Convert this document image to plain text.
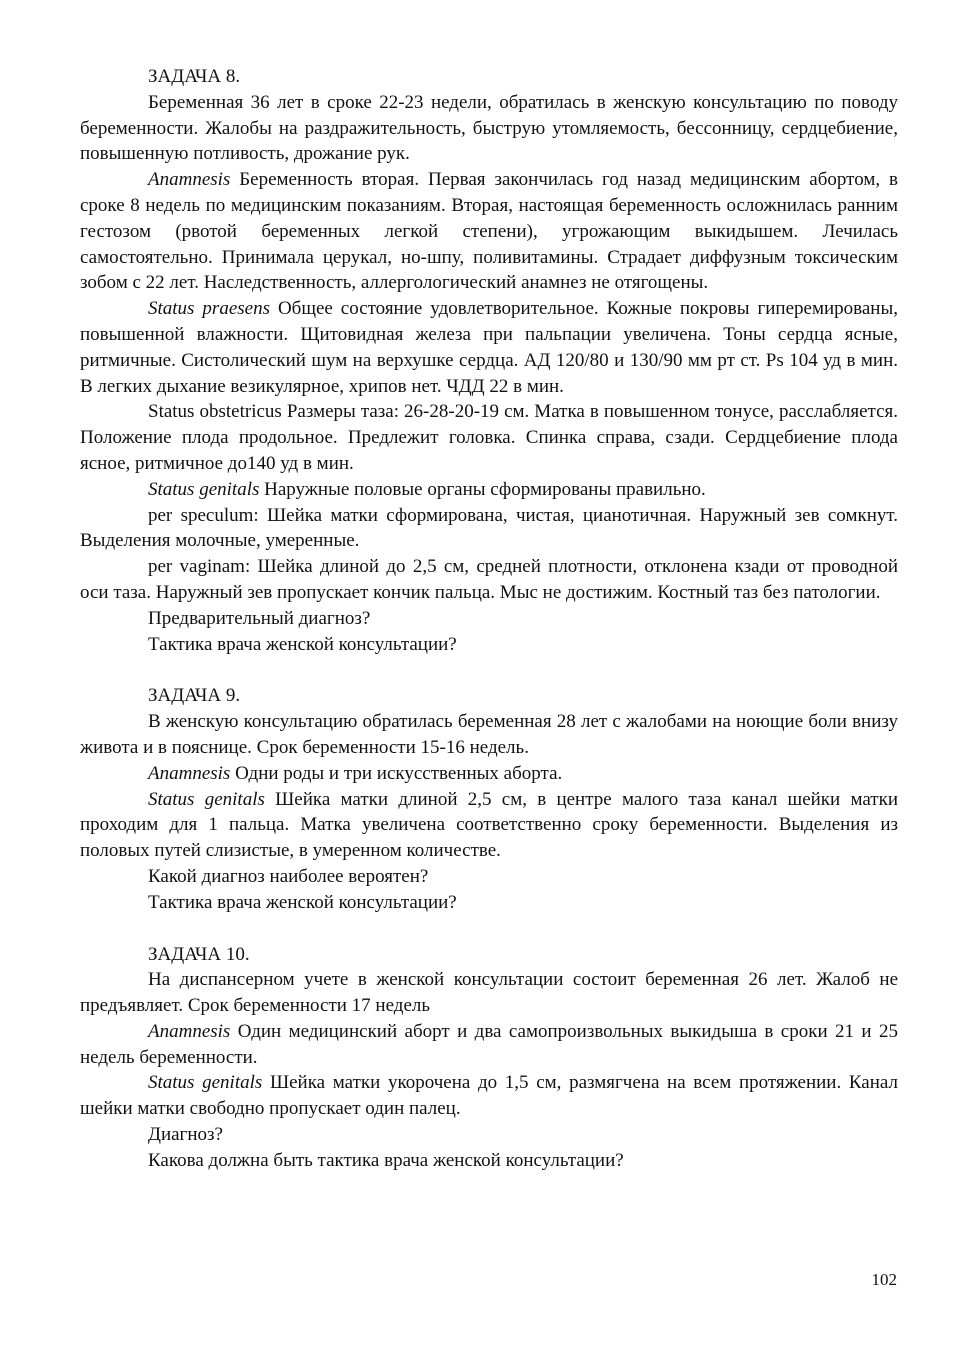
ЗАДАЧА 8.

Беременная 36 лет в сроке 22-23 недели, обратилась в женскую консультацию по поводу беременности. Жалобы на раздражительность, быструю утомляемость, бессонницу, сердцебиение, повышенную потливость, дрожание рук.

Anamnesis Беременность вторая. Первая закончилась год назад медицинским абортом, в сроке 8 недель по медицинским показаниям. Вторая, настоящая беременность осложнилась ранним гестозом (рвотой беременных легкой степени), угрожающим выкидышем. Лечилась самостоятельно. Принимала церукал, но-шпу, поливитамины. Страдает диффузным токсическим зобом с 22 лет. Наследственность, аллергологический анамнез не отягощены.

Status praesens Общее состояние удовлетворительное. Кожные покровы гиперемированы, повышенной влажности. Щитовидная железа при пальпации увеличена. Тоны сердца ясные, ритмичные. Систолический шум на верхушке сердца. АД 120/80 и 130/90 мм рт ст. Ps 104 уд в мин. В легких дыхание везикулярное, хрипов нет. ЧДД 22 в мин.

Status obstetricus Размеры таза: 26-28-20-19 см. Матка в повышенном тонусе, расслабляется. Положение плода продольное. Предлежит головка. Спинка справа, сзади. Сердцебиение плода ясное, ритмичное до140 уд в мин.

Status genitals Наружные половые органы сформированы правильно.

per speculum: Шейка матки сформирована, чистая, цианотичная. Наружный зев сомкнут. Выделения молочные, умеренные.

per vaginam: Шейка длиной до 2,5 см, средней плотности, отклонена кзади от проводной оси таза. Наружный зев пропускает кончик пальца. Мыс не достижим. Костный таз без патологии.

Предварительный диагноз?

Тактика врача женской консультации?

ЗАДАЧА 9.

В женскую консультацию обратилась беременная 28 лет с жалобами на ноющие боли внизу живота и в пояснице. Срок беременности 15-16 недель.

Anamnesis Одни роды и три искусственных аборта.

Status genitals Шейка матки длиной 2,5 см, в центре малого таза канал шейки матки проходим для 1 пальца. Матка увеличена соответственно сроку беременности. Выделения из половых путей слизистые, в умеренном количестве.

Какой диагноз наиболее вероятен?

Тактика врача женской консультации?

ЗАДАЧА 10.

На диспансерном учете в женской консультации состоит беременная 26 лет. Жалоб не предъявляет. Срок беременности 17 недель

Anamnesis Один медицинский аборт и два самопроизвольных выкидыша в сроки 21 и 25 недель беременности.

Status genitals Шейка матки укорочена до 1,5 см, размягчена на всем протяжении. Канал шейки матки свободно пропускает один палец.

Диагноз?

Какова должна быть тактика врача женской консультации?

102
